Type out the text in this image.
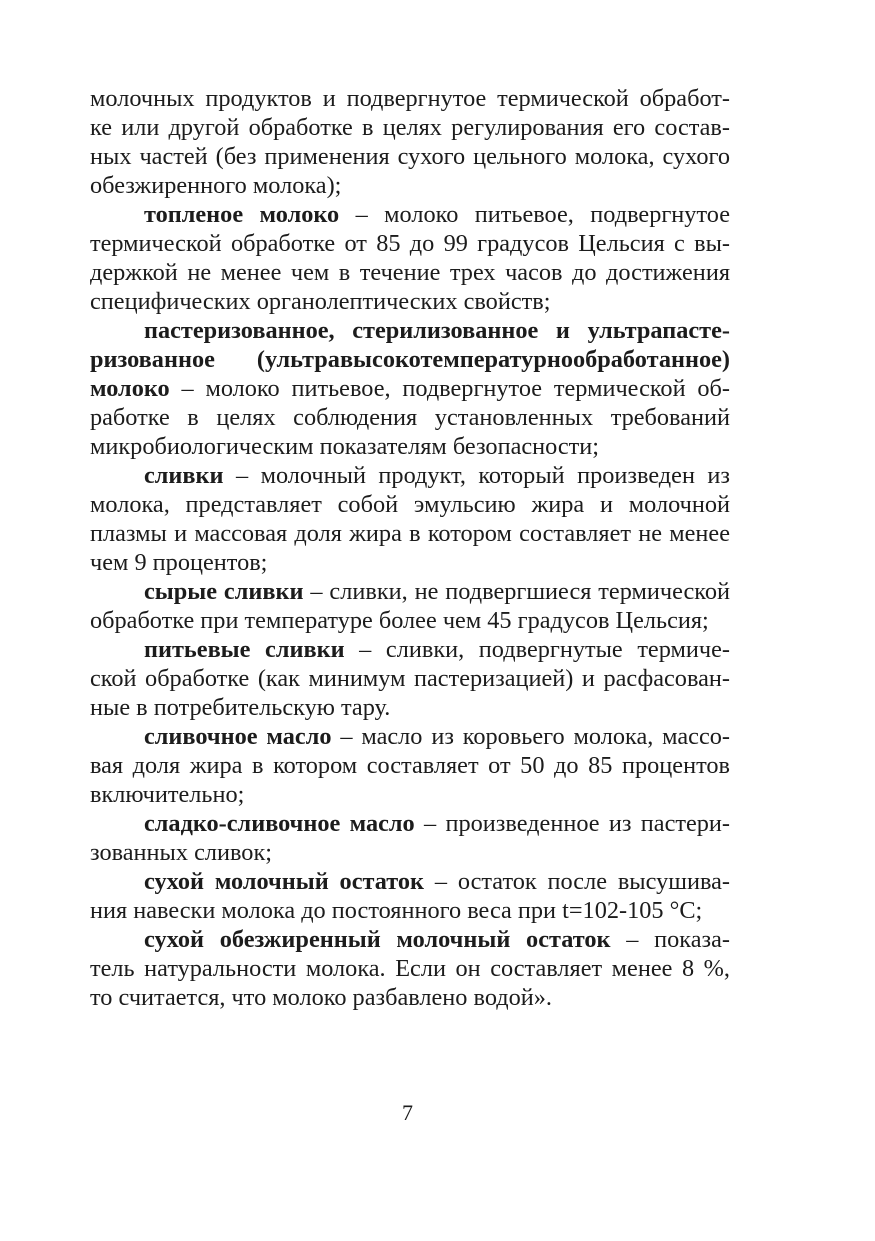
молочных продуктов и подвергнутое термической обработ-
ке или другой обработке в целях регулирования его состав-
ных частей (без применения сухого цельного молока, сухого
обезжиренного молока);
топленое молоко – молоко питьевое, подвергнутое
термической обработке от 85 до 99 градусов Цельсия с вы-
держкой не менее чем в течение трех часов до достижения
специфических органолептических свойств;
пастеризованное, стерилизованное и ультрапасте-
ризованное (ультравысокотемпературнообработанное)
молоко – молоко питьевое, подвергнутое термической об-
работке в целях соблюдения установленных требований
микробиологическим показателям безопасности;
сливки – молочный продукт, который произведен из
молока, представляет собой эмульсию жира и молочной
плазмы и массовая доля жира в котором составляет не менее
чем 9 процентов;
сырые сливки – сливки, не подвергшиеся термической
обработке при температуре более чем 45 градусов Цельсия;
питьевые сливки – сливки, подвергнутые термиче-
ской обработке (как минимум пастеризацией) и расфасован-
ные в потребительскую тару.
сливочное масло – масло из коровьего молока, массо-
вая доля жира в котором составляет от 50 до 85 процентов
включительно;
сладко-сливочное масло – произведенное из пастери-
зованных сливок;
сухой молочный остаток – остаток после высушива-
ния навески молока до постоянного веса при t=102-105 °С;
сухой обезжиренный молочный остаток – показа-
тель натуральности молока. Если он составляет менее 8 %,
то считается, что молоко разбавлено водой».
7
